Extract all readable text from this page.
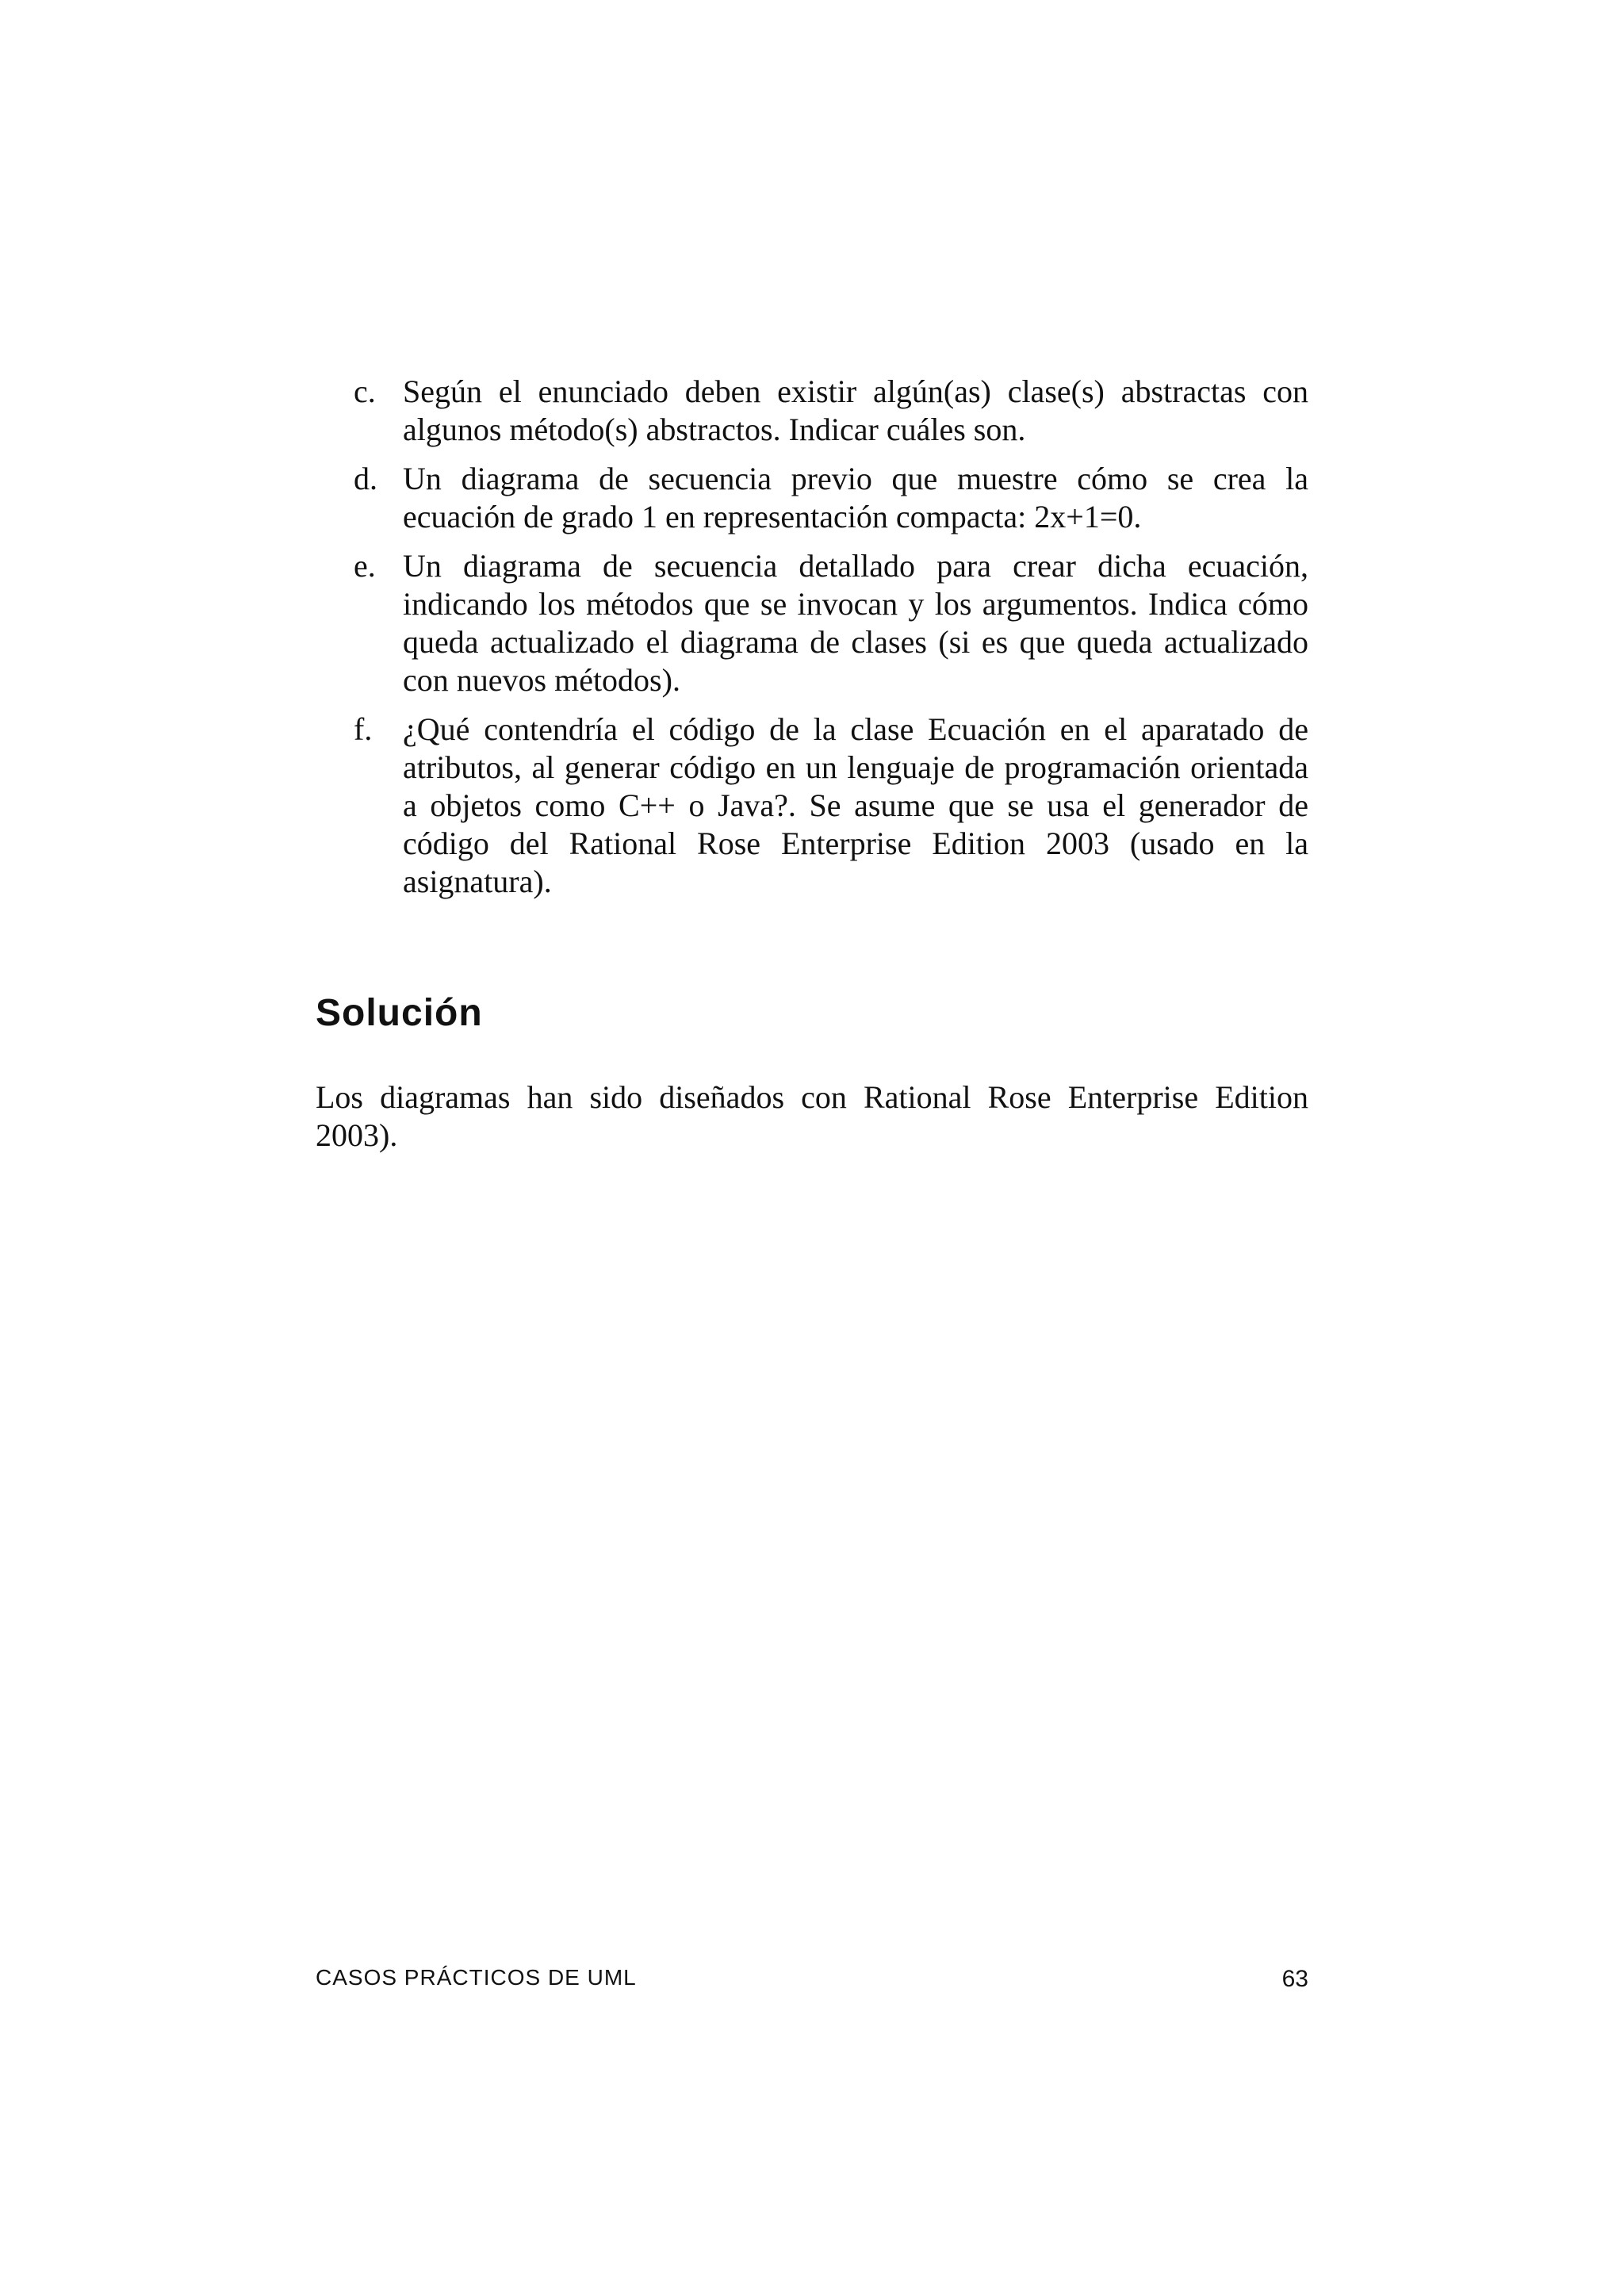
c. Según el enunciado deben existir algún(as) clase(s) abstractas con algunos método(s) abstractos. Indicar cuáles son.
d. Un diagrama de secuencia previo que muestre cómo se crea la ecuación de grado 1 en representación compacta: 2x+1=0.
e. Un diagrama de secuencia detallado para crear dicha ecuación, indicando los métodos que se invocan y los argumentos. Indica cómo queda actualizado el diagrama de clases (si es que queda actualizado con nuevos métodos).
f. ¿Qué contendría el código de la clase Ecuación en el aparatado de atributos, al generar código en un lenguaje de programación orientada a objetos como C++ o Java?. Se asume que se usa el generador de código del Rational Rose Enterprise Edition 2003 (usado en la asignatura).
Solución

Los diagramas han sido diseñados con Rational Rose Enterprise Edition 2003).

CASOS PRÁCTICOS DE UML	63
